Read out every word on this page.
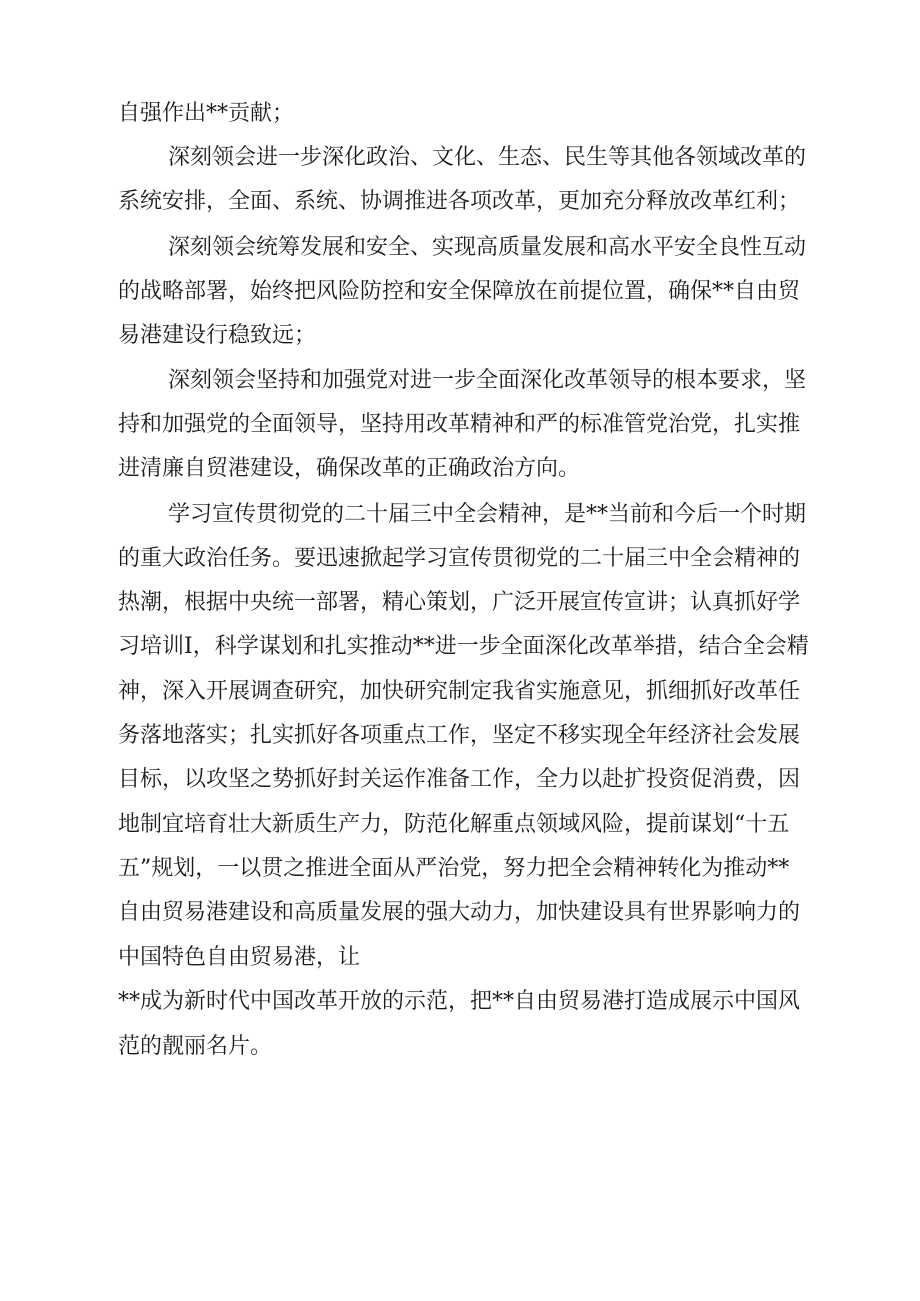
自强作出**贡献；
深刻领会进一步深化政治、文化、生态、民生等其他各领域改革的
系统安排，全面、系统、协调推进各项改革，更加充分释放改革红利；
深刻领会统筹发展和安全、实现高质量发展和高水平安全良性互动
的战略部署，始终把风险防控和安全保障放在前提位置，确保**自由贸
易港建设行稳致远；
深刻领会坚持和加强党对进一步全面深化改革领导的根本要求，坚
持和加强党的全面领导，坚持用改革精神和严的标准管党治党，扎实推
进清廉自贸港建设，确保改革的正确政治方向。
学习宣传贯彻党的二十届三中全会精神，是**当前和今后一个时期
的重大政治任务。要迅速掀起学习宣传贯彻党的二十届三中全会精神的
热潮，根据中央统一部署，精心策划，广泛开展宣传宣讲；认真抓好学
习培训I，科学谋划和扎实推动**进一步全面深化改革举措，结合全会精
神，深入开展调查研究，加快研究制定我省实施意见，抓细抓好改革任
务落地落实；扎实抓好各项重点工作，坚定不移实现全年经济社会发展
目标，以攻坚之势抓好封关运作准备工作，全力以赴扩投资促消费，因
地制宜培育壮大新质生产力，防范化解重点领域风险，提前谋划“十五
五”规划，一以贯之推进全面从严治党，努力把全会精神转化为推动**
自由贸易港建设和高质量发展的强大动力，加快建设具有世界影响力的
中国特色自由贸易港，让
**成为新时代中国改革开放的示范，把**自由贸易港打造成展示中国风
范的靓丽名片。
